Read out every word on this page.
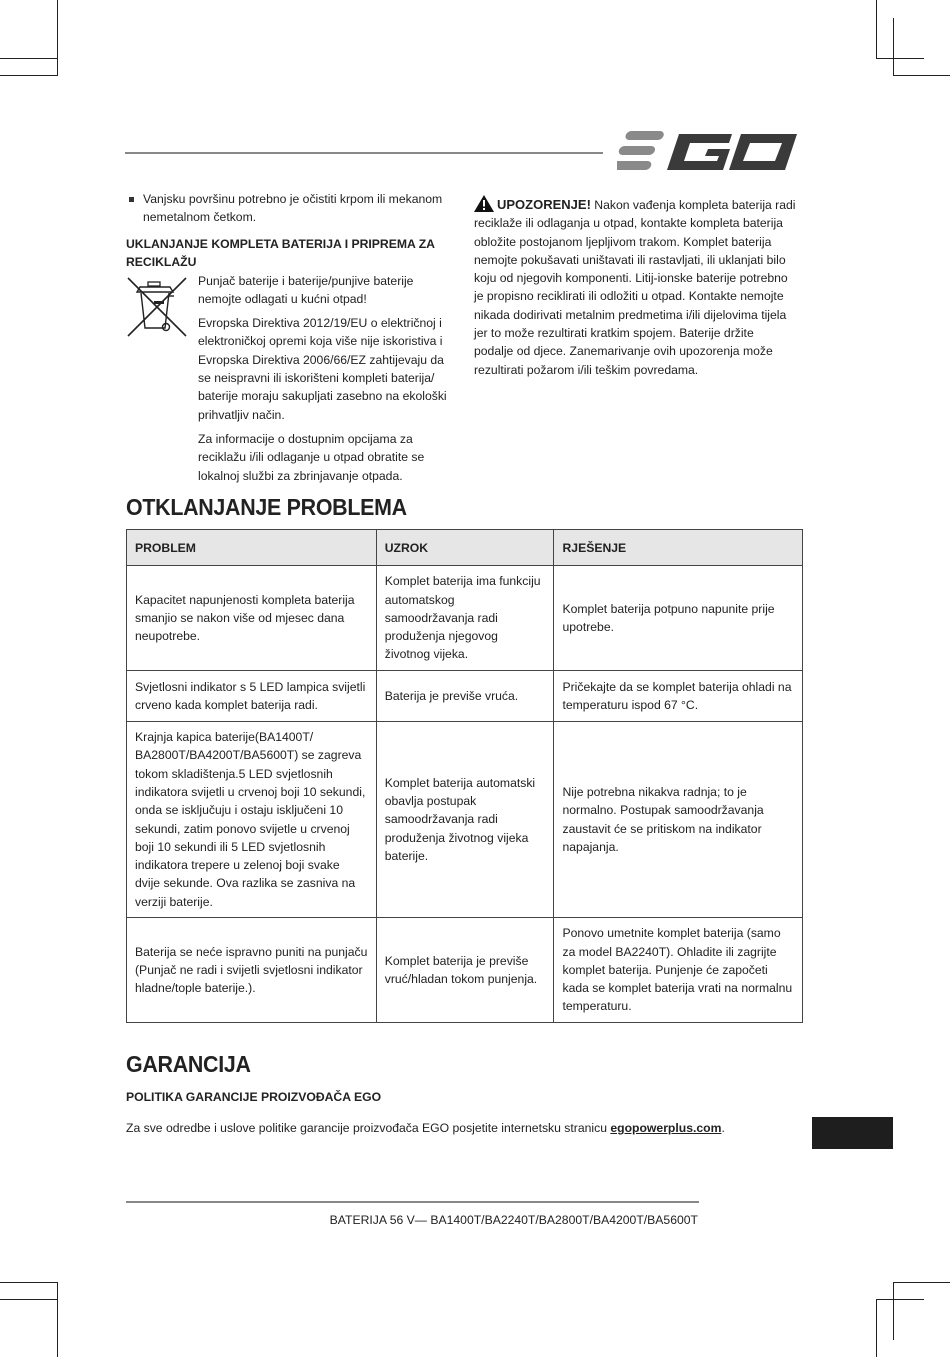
Vanjsku površinu potrebno je očistiti krpom ili mekanom nemetalnom četkom.
UKLANJANJE KOMPLETA BATERIJA I PRIPREMA ZA RECIKLAŽU

Punjač baterije i baterije/punjive baterije nemojte odlagati u kućni otpad!

Evropska Direktiva 2012/19/EU o električnoj i elektroničkoj opremi koja više nije iskoristiva i Evropska Direktiva 2006/66/EZ zahtijevaju da se neispravni ili iskorišteni kompleti baterija/ baterije moraju sakupljati zasebno na ekološki prihvatljiv način.

Za informacije o dostupnim opcijama za reciklažu i/ili odlaganje u otpad obratite se lokalnoj službi za zbrinjavanje otpada.

UPOZORENJE! Nakon vađenja kompleta baterija radi reciklaže ili odlaganja u otpad, kontakte kompleta baterija obložite postojanom ljepljivom trakom. Komplet baterija nemojte pokušavati uništavati ili rastavljati, ili uklanjati bilo koju od njegovih komponenti. Litij-ionske baterije potrebno je propisno reciklirati ili odložiti u otpad. Kontakte nemojte nikada dodirivati metalnim predmetima i/ili dijelovima tijela jer to može rezultirati kratkim spojem. Baterije držite podalje od djece. Zanemarivanje ovih upozorenja može rezultirati požarom i/ili teškim povredama.
OTKLANJANJE PROBLEMA
PROBLEM	UZROK	RJEŠENJE
Kapacitet napunjenosti kompleta baterija smanjio se nakon više od mjesec dana neupotrebe.	Komplet baterija ima funkciju automatskog samoodržavanja radi produženja njegovog životnog vijeka.	Komplet baterija potpuno napunite prije upotrebe.
Svjetlosni indikator s 5 LED lampica svijetli crveno kada komplet baterija radi.	Baterija je previše vruća.	Pričekajte da se komplet baterija ohladi na temperaturu ispod 67 °C.
Krajnja kapica baterije(BA1400T/ BA2800T/BA4200T/BA5600T) se zagreva tokom skladištenja.5 LED svjetlosnih indikatora svijetli u crvenoj boji 10 sekundi, onda se isključuju i ostaju isključeni 10 sekundi, zatim ponovo svijetle u crvenoj boji 10 sekundi ili 5 LED svjetlosnih indikatora trepere u zelenoj boji svake dvije sekunde. Ova razlika se zasniva na verziji baterije.	Komplet baterija automatski obavlja postupak samoodržavanja radi produženja životnog vijeka baterije.	Nije potrebna nikakva radnja; to je normalno. Postupak samoodržavanja zaustavit će se pritiskom na indikator napajanja.
Baterija se neće ispravno puniti na punjaču (Punjač ne radi i svijetli svjetlosni indikator hladne/tople baterije.).	Komplet baterija je previše vruć/hladan tokom punjenja.	Ponovo umetnite komplet baterija (samo za model BA2240T). Ohladite ili zagrijte komplet baterija. Punjenje će započeti kada se komplet baterija vrati na normalnu temperaturu.
GARANCIJA
POLITIKA GARANCIJE PROIZVOĐAČA EGO
Za sve odredbe i uslove politike garancije proizvođača EGO posjetite internetsku stranicu egopowerplus.com.
BATERIJA 56 V— BA1400T/BA2240T/BA2800T/BA4200T/BA5600T
